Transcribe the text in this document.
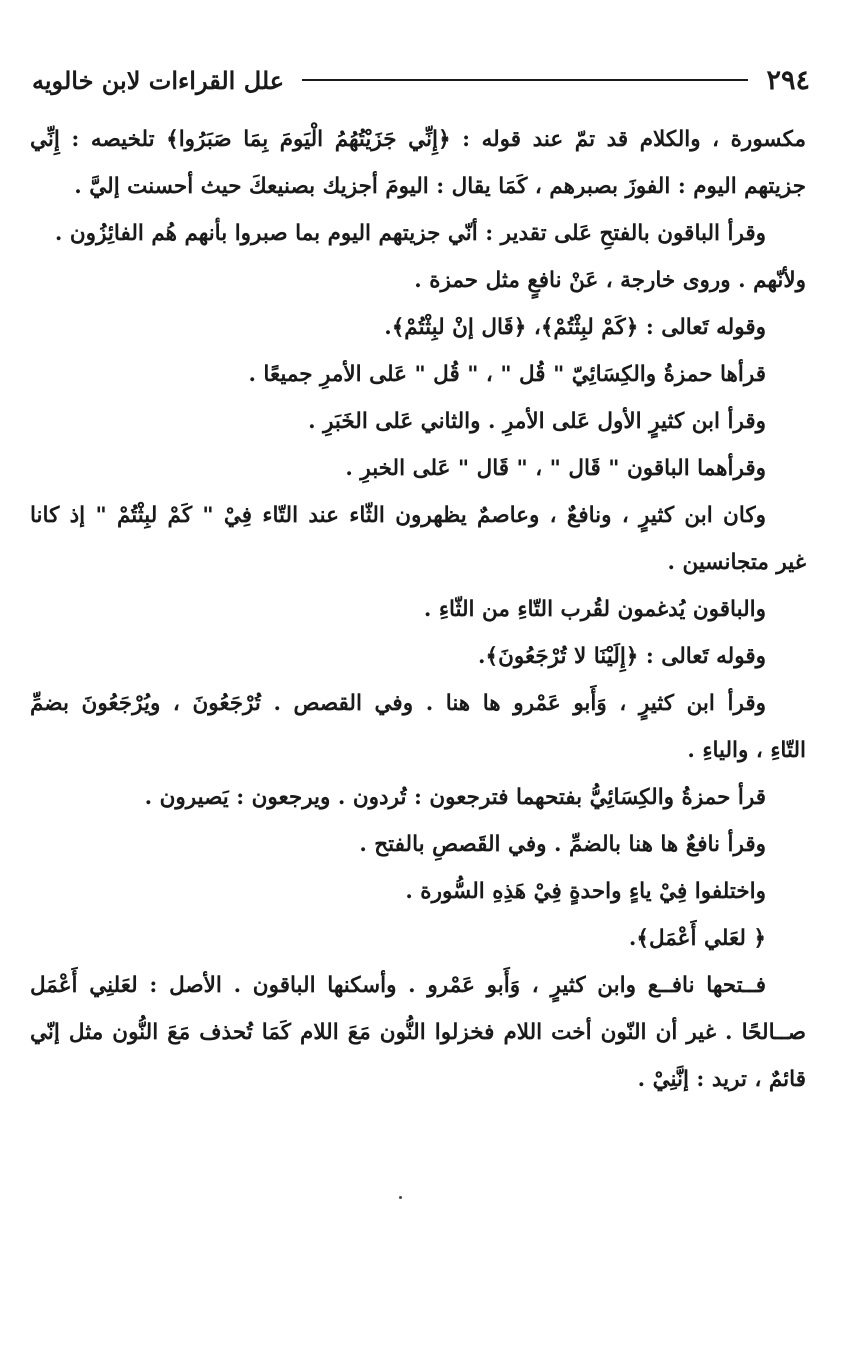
٢٩٤
علل القراءات لابن خالويه
مكسورة ، والكلام قد تمّ عند قوله : ﴿إِنِّي جَزَيْتُهُمُ الْيَومَ بِمَا صَبَرُوا﴾ تلخيصه : إِنِّي
جزيتهم اليوم : الفوزَ بصبرهم ، كَمَا يقال : اليومَ أجزيك بصنيعكَ حيث أحسنت إليَّ .
وقرأ الباقون بالفتحِ عَلى تقدير : أنّي جزيتهم اليوم بما صبروا بأنهم هُم الفائِزُون .
ولأنّهم . وروى خارجة ، عَنْ نافعٍ مثل حمزة .
وقوله تَعالى : ﴿كَمْ لبِثْتُمْ﴾، ﴿قَال إنْ لبِثْتُمْ﴾.
قرأها حمزةُ والكِسَائِيّ " قُل " ، " قُل " عَلى الأمرِ جميعًا .
وقرأ ابن كثيرٍ الأول عَلى الأمرِ . والثاني عَلى الخَبَرِ .
وقرأهما الباقون " قَال " ، " قَال " عَلى الخبرِ .
وكان ابن كثيرٍ ، ونافعٌ ، وعاصمٌ يظهرون الثّاء عند التّاء فِيْ " كَمْ لبِثْتُمْ " إذ كانا
غير متجانسين .
والباقون يُدغمون لقُرب التّاءِ من الثّاءِ .
وقوله تَعالى : ﴿إِلَيْنَا لا تُرْجَعُونَ﴾.
وقرأ ابن كثيرٍ ، وَأَبو عَمْرو ها هنا . وفي القصص . تُرْجَعُونَ ، ويُرْجَعُونَ بضمِّ
التّاءِ ، والياءِ .
قرأ حمزةُ والكِسَائِيُّ بفتحهما فترجعون : تُردون . ويرجعون : يَصيرون .
وقرأ نافعٌ ها هنا بالضمِّ . وفي القَصصِ بالفتح .
واختلفوا فِيْ ياءٍ واحدةٍ فِيْ هَذِهِ السُّورة .
﴿ لعَلي أَعْمَل﴾.
فــتحها نافــع وابن كثيرٍ ، وَأَبو عَمْرو . وأسكنها الباقون . الأصل : لعَلنِي أَعْمَل
صــالحًا . غير أن النّون أخت اللام فخزلوا النُّون مَعَ اللام كَمَا تُحذف مَعَ النُّون مثل إنّي
قائمٌ ، تريد : إنَّنِيْ .
